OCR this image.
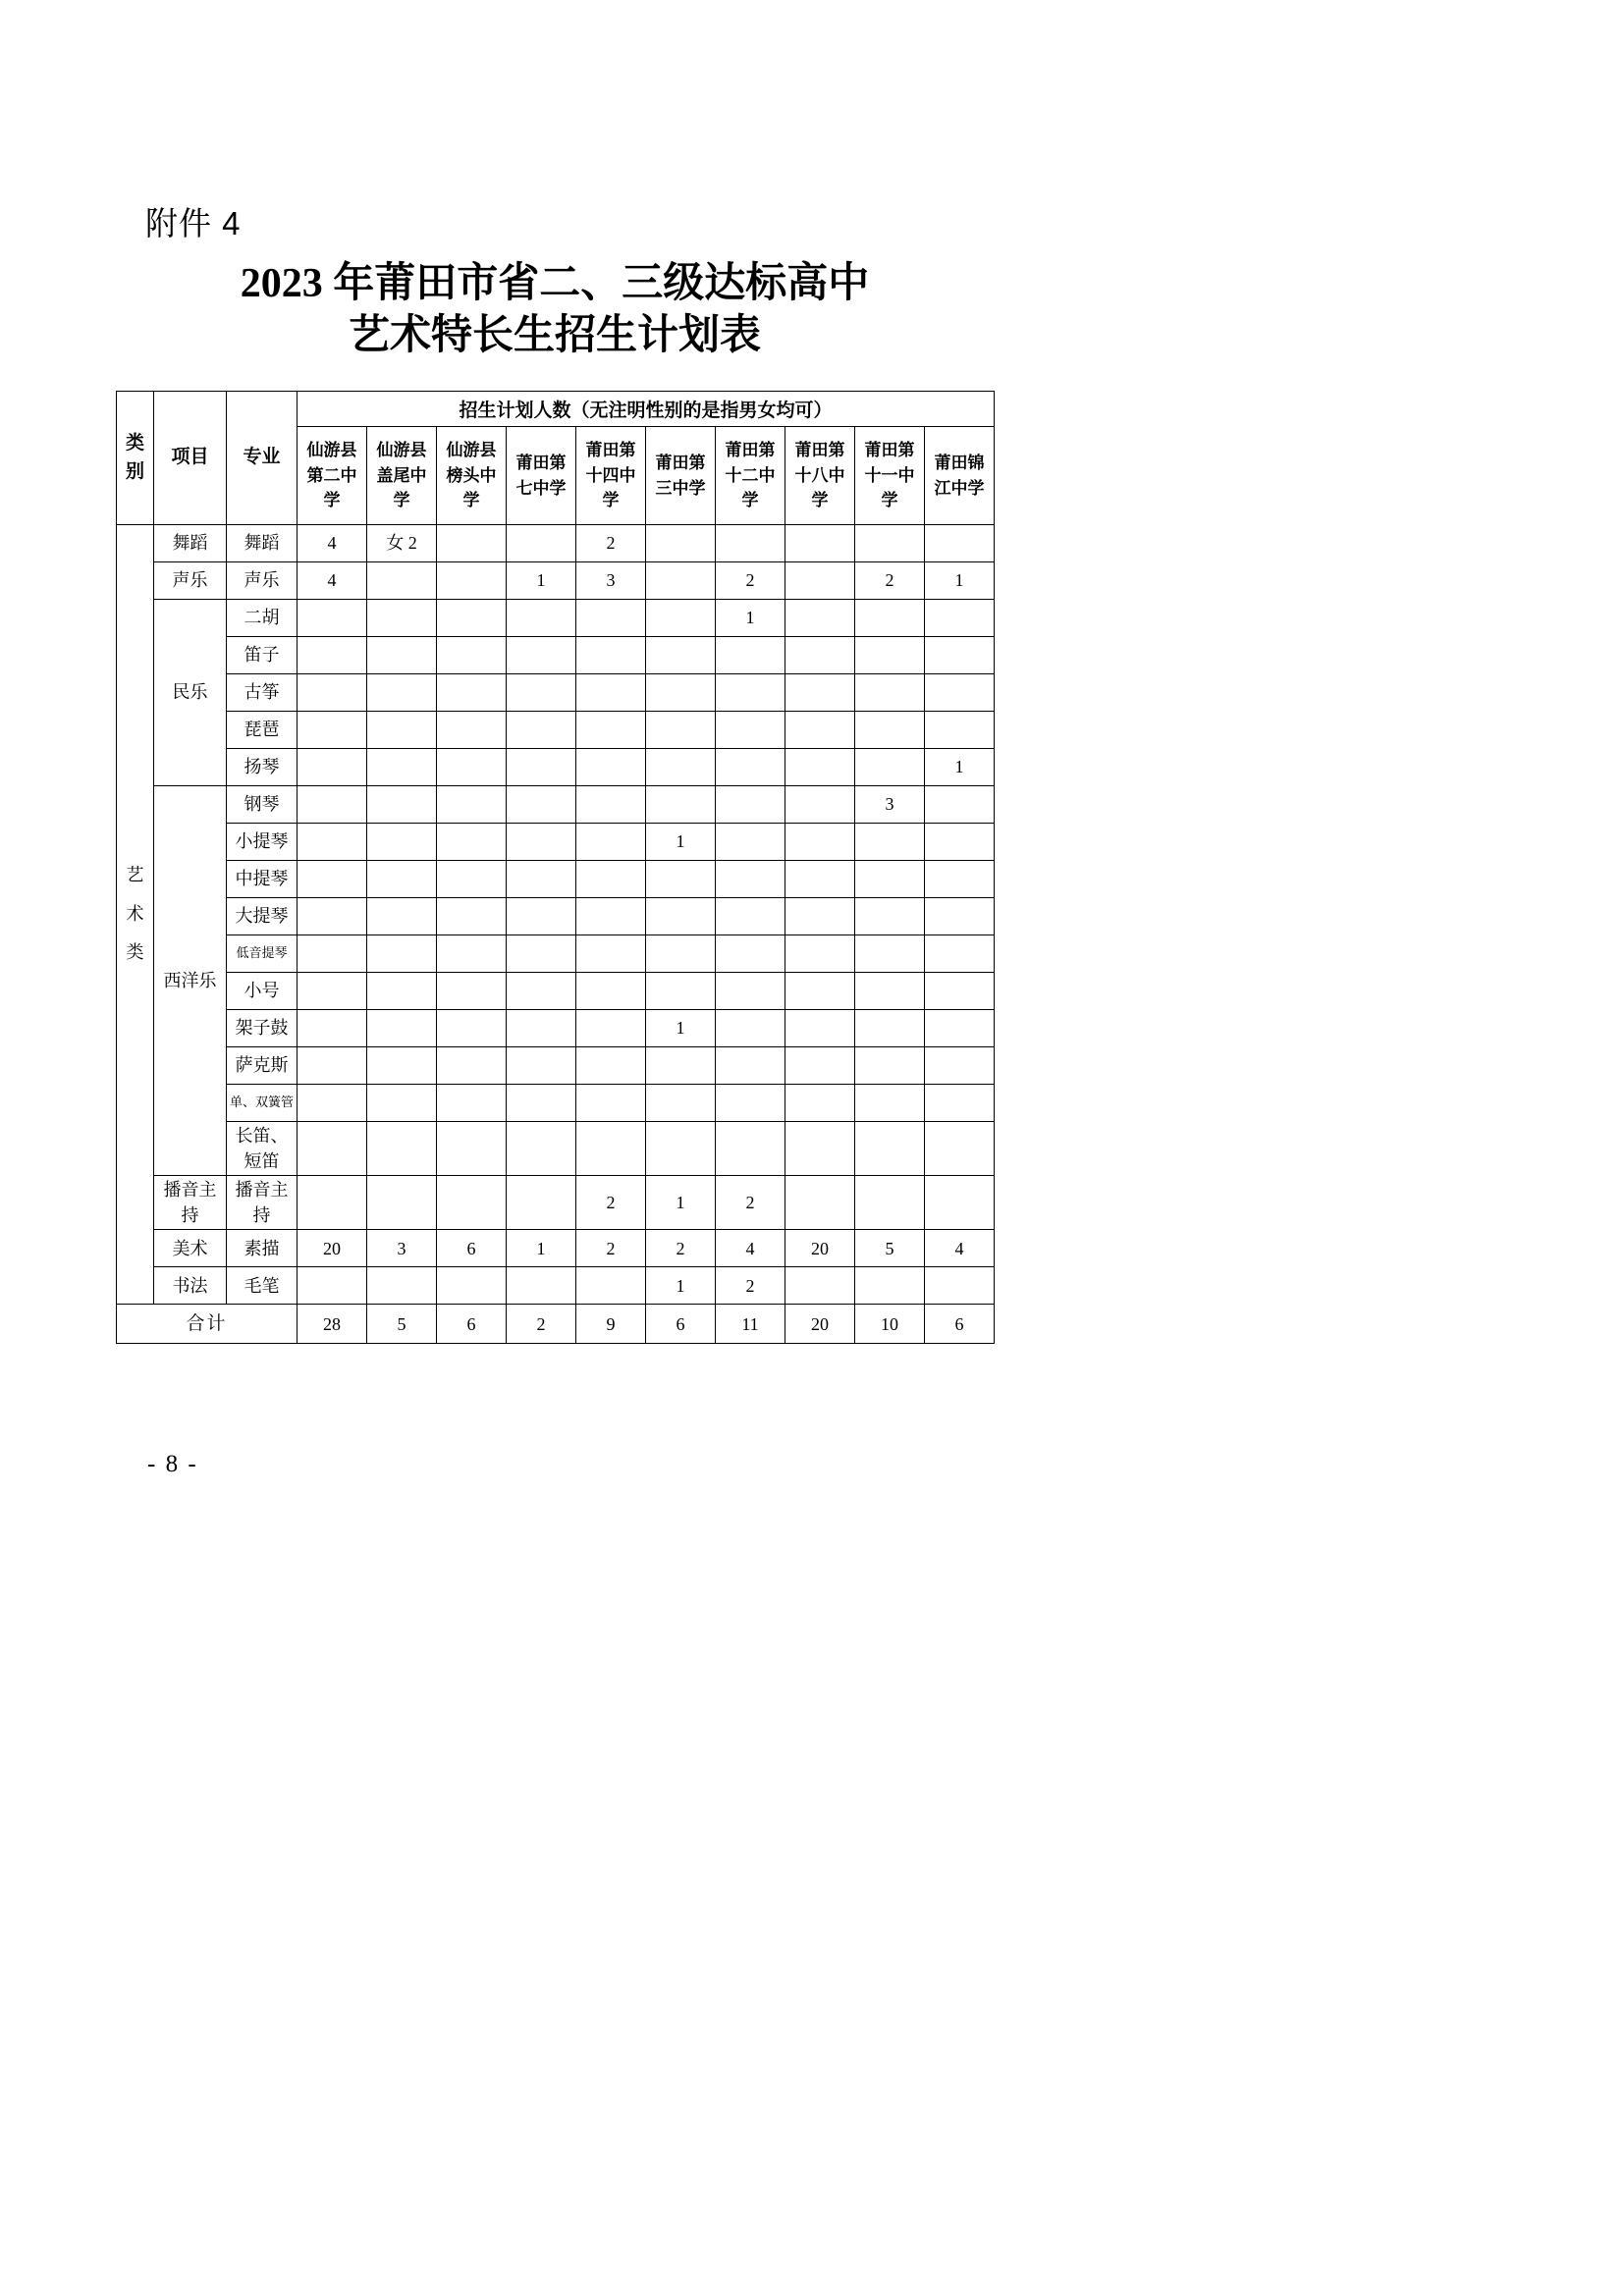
附件 4
2023 年莆田市省二、三级达标高中
艺术特长生招生计划表
类别	项目	专业	招生计划人数（无注明性别的是指男女均可）									
			仙游县第二中学	仙游县盖尾中学	仙游县榜头中学	莆田第七中学	莆田第十四中学	莆田第三中学	莆田第十二中学	莆田第十八中学	莆田第十一中学	莆田锦江中学
艺术类	舞蹈	舞蹈	4	女 2			2					
	声乐	声乐	4			1	3		2		2	1
	民乐	二胡							1			
		笛子										
		古筝										
		琵琶										
		扬琴										1
	西洋乐	钢琴									3	
		小提琴						1				
		中提琴										
		大提琴										
		低音提琴										
		小号										
		架子鼓						1				
		萨克斯										
		单、双簧管										
		长笛、短笛										
	播音主持	播音主持					2	1	2			
	美术	素描	20	3	6	1	2	2	4	20	5	4
	书法	毛笔						1	2			
合计			28	5	6	2	9	6	11	20	10	6
- 8 -
